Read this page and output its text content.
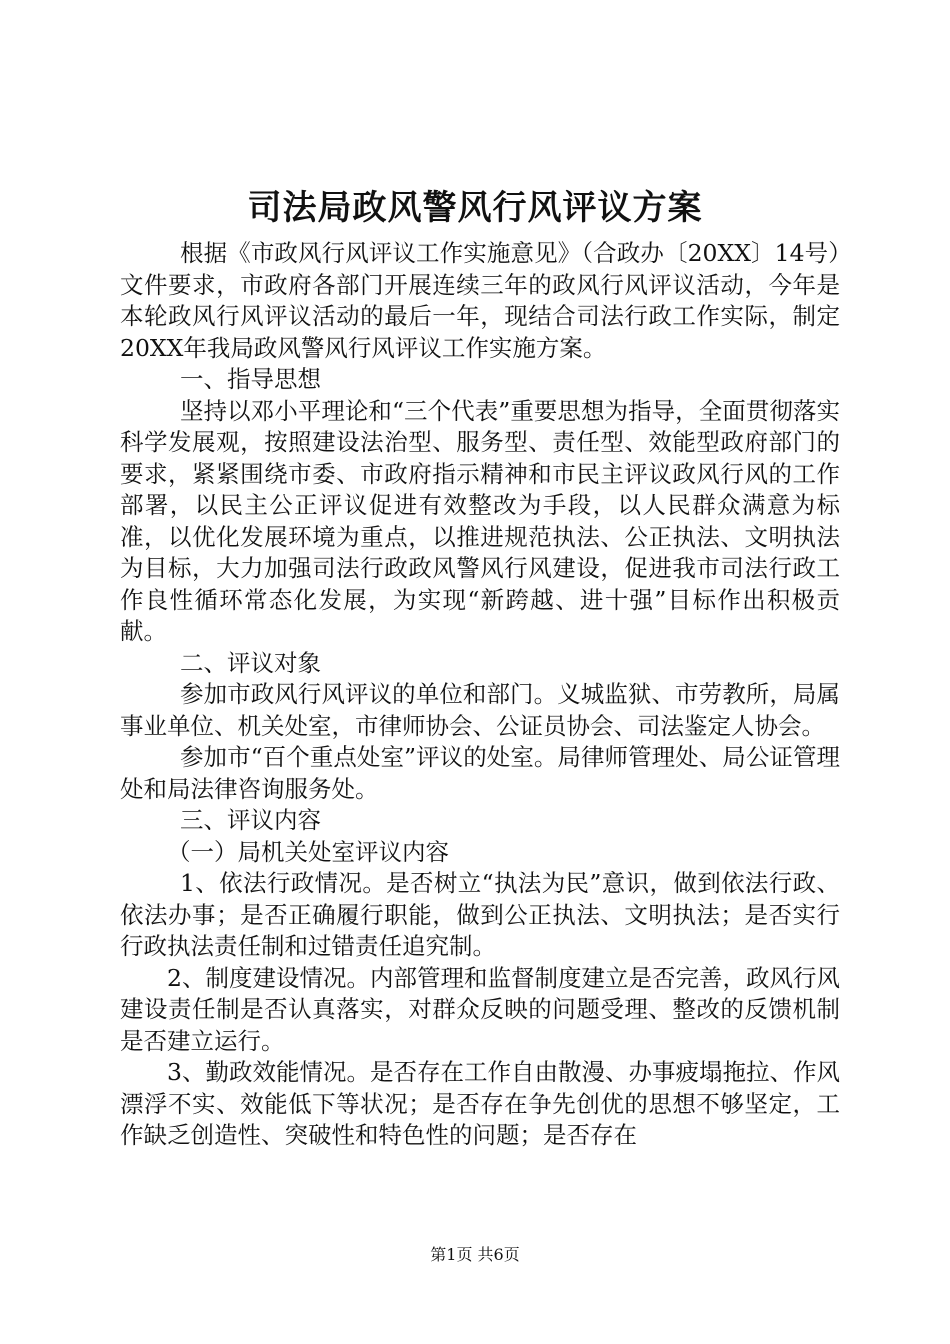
司法局政风警风行风评议方案

根据《市政风行风评议工作实施意见》（合政办〔20XX〕14号）文件要求，市政府各部门开展连续三年的政风行风评议活动，今年是本轮政风行风评议活动的最后一年，现结合司法行政工作实际，制定20XX年我局政风警风行风评议工作实施方案。

一、指导思想

坚持以邓小平理论和“三个代表”重要思想为指导，全面贯彻落实科学发展观，按照建设法治型、服务型、责任型、效能型政府部门的要求，紧紧围绕市委、市政府指示精神和市民主评议政风行风的工作部署，以民主公正评议促进有效整改为手段，以人民群众满意为标准，以优化发展环境为重点，以推进规范执法、公正执法、文明执法为目标，大力加强司法行政政风警风行风建设，促进我市司法行政工作良性循环常态化发展，为实现“新跨越、进十强”目标作出积极贡献。

二、评议对象

参加市政风行风评议的单位和部门。义城监狱、市劳教所，局属事业单位、机关处室，市律师协会、公证员协会、司法鉴定人协会。

参加市“百个重点处室”评议的处室。局律师管理处、局公证管理处和局法律咨询服务处。

三、评议内容

（一）局机关处室评议内容

1、依法行政情况。是否树立“执法为民”意识，做到依法行政、依法办事；是否正确履行职能，做到公正执法、文明执法；是否实行行政执法责任制和过错责任追究制。

2、制度建设情况。内部管理和监督制度建立是否完善，政风行风建设责任制是否认真落实，对群众反映的问题受理、整改的反馈机制是否建立运行。

3、勤政效能情况。是否存在工作自由散漫、办事疲塌拖拉、作风漂浮不实、效能低下等状况；是否存在争先创优的思想不够坚定，工作缺乏创造性、突破性和特色性的问题；是否存在

第1页 共6页
